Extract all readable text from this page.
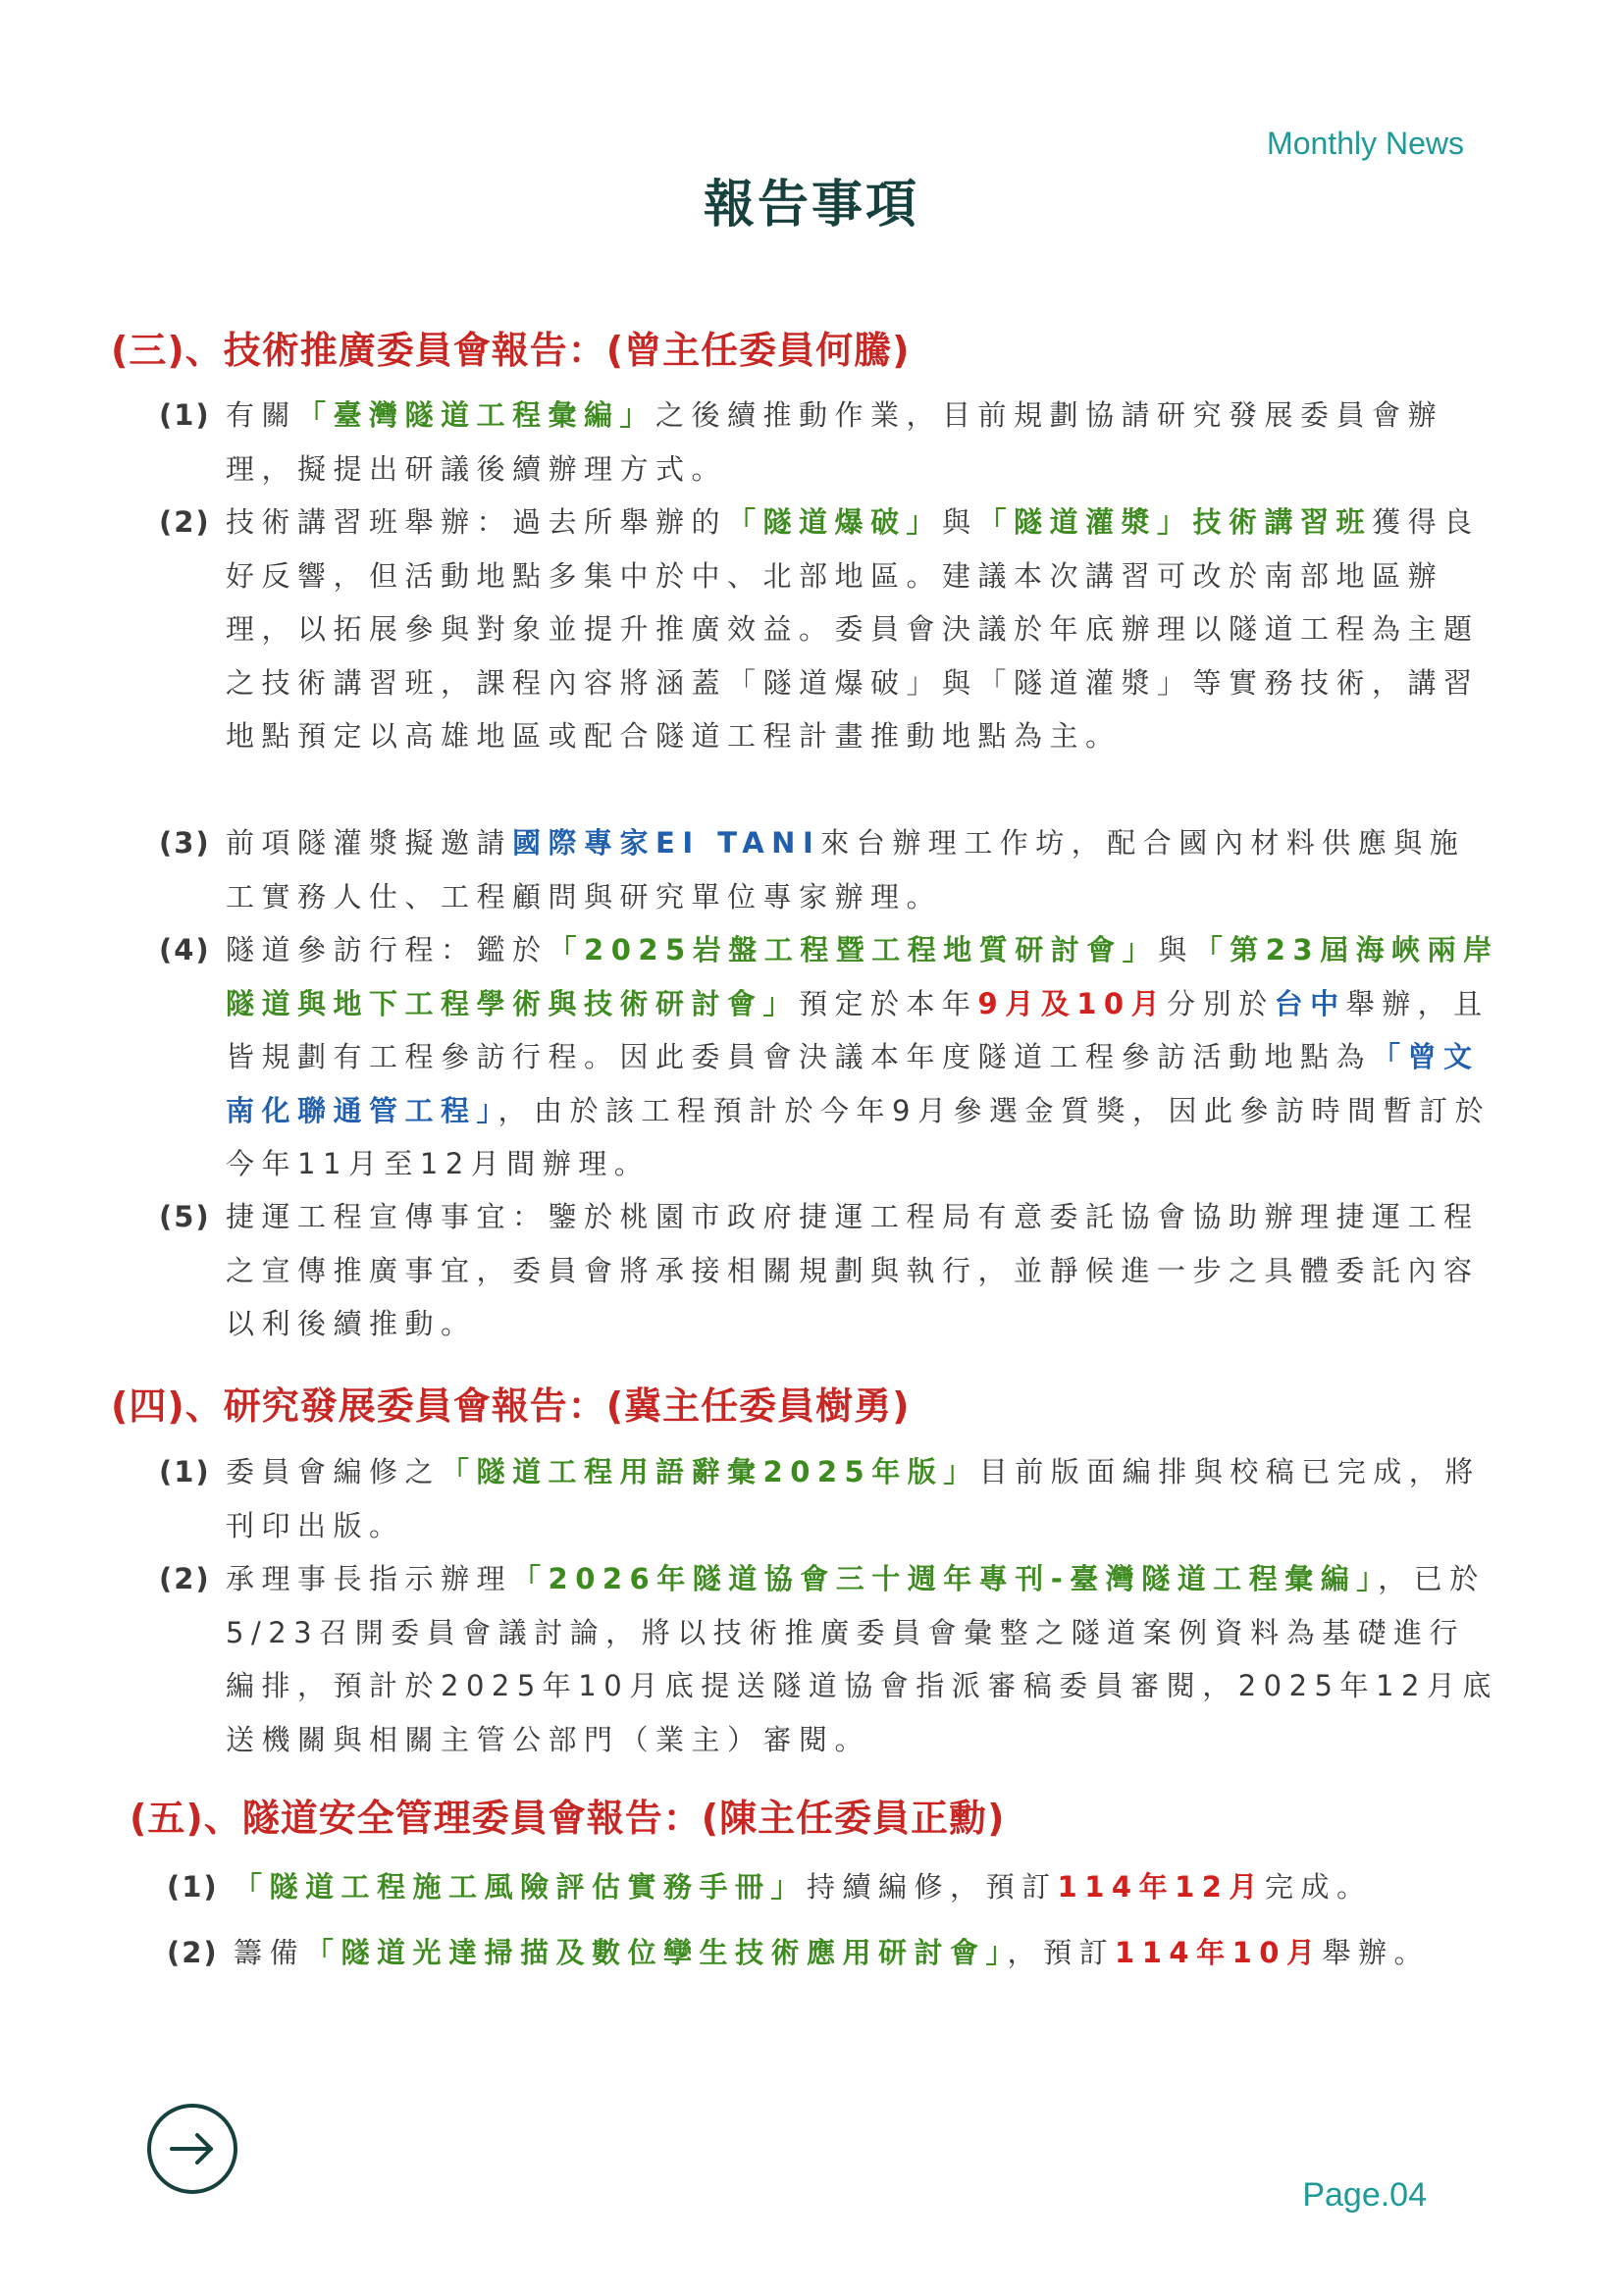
Monthly News
報告事項
(三)、技術推廣委員會報告：(曾主任委員何騰)
(1) 有關「臺灣隧道工程彙編」之後續推動作業，目前規劃協請研究發展委員會辦理，擬提出研議後續辦理方式。
(2) 技術講習班舉辦：過去所舉辦的「隧道爆破」與「隧道灌漿」技術講習班獲得良好反響，但活動地點多集中於中、北部地區。建議本次講習可改於南部地區辦理，以拓展參與對象並提升推廣效益。委員會決議於年底辦理以隧道工程為主題之技術講習班，課程內容將涵蓋「隧道爆破」與「隧道灌漿」等實務技術，講習地點預定以高雄地區或配合隧道工程計畫推動地點為主。
(3) 前項隧灌漿擬邀請國際專家EI TANI來台辦理工作坊，配合國內材料供應與施工實務人仕、工程顧問與研究單位專家辦理。
(4) 隧道參訪行程：鑑於「2025岩盤工程暨工程地質研討會」與「第23屆海峽兩岸隧道與地下工程學術與技術研討會」預定於本年9月及10月分別於台中舉辦，且皆規劃有工程參訪行程。因此委員會決議本年度隧道工程參訪活動地點為「曾文南化聯通管工程」，由於該工程預計於今年9月參選金質獎，因此參訪時間暫訂於今年11月至12月間辦理。
(5) 捷運工程宣傳事宜：鑒於桃園市政府捷運工程局有意委託協會協助辦理捷運工程之宣傳推廣事宜，委員會將承接相關規劃與執行，並靜候進一步之具體委託內容以利後續推動。
(四)、研究發展委員會報告：(冀主任委員樹勇)
(1) 委員會編修之「隧道工程用語辭彙2025年版」目前版面編排與校稿已完成，將刊印出版。
(2) 承理事長指示辦理「2026年隧道協會三十週年專刊-臺灣隧道工程彙編」，已於5/23召開委員會議討論，將以技術推廣委員會彙整之隧道案例資料為基礎進行編排，預計於2025年10月底提送隧道協會指派審稿委員審閱，2025年12月底送機關與相關主管公部門（業主）審閱。
(五)、隧道安全管理委員會報告：(陳主任委員正勳)
(1) 「隧道工程施工風險評估實務手冊」持續編修，預訂114年12月完成。
(2) 籌備「隧道光達掃描及數位孿生技術應用研討會」，預訂114年10月舉辦。
Page.04
